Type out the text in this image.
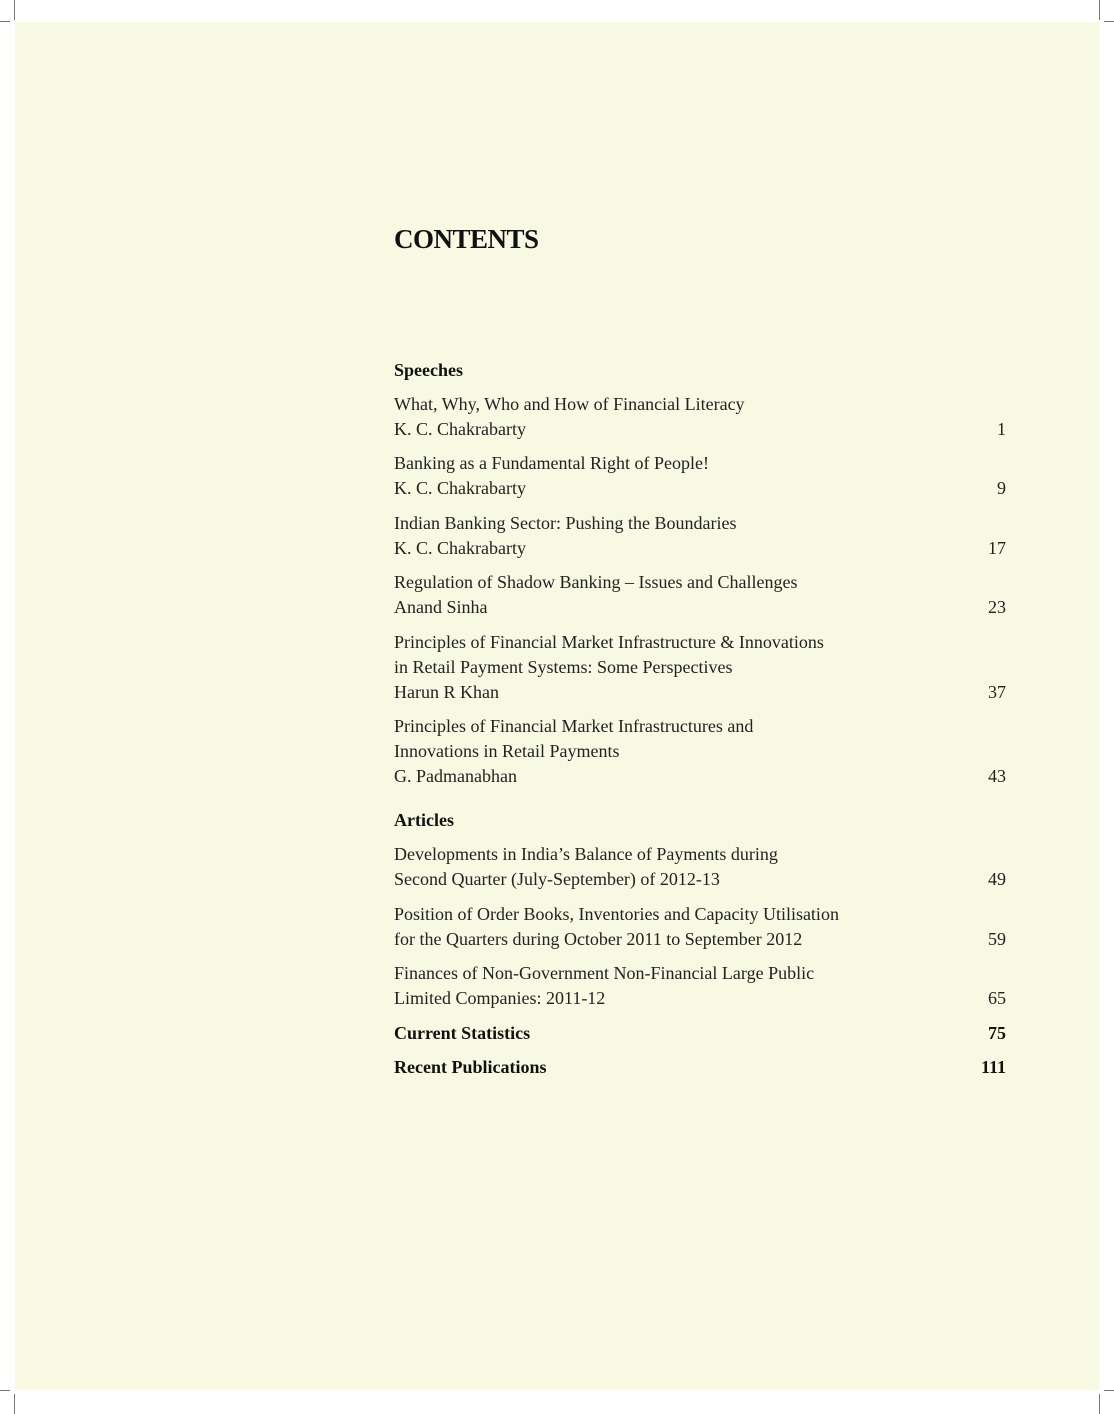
CONTENTS
Speeches
What, Why, Who and How of Financial Literacy
K. C. Chakrabarty	1
Banking as a Fundamental Right of People!
K. C. Chakrabarty	9
Indian Banking Sector: Pushing the Boundaries
K. C. Chakrabarty	17
Regulation of Shadow Banking – Issues and Challenges
Anand Sinha	23
Principles of Financial Market Infrastructure & Innovations
in Retail Payment Systems: Some Perspectives
Harun R Khan	37
Principles of Financial Market Infrastructures and
Innovations in Retail Payments
G. Padmanabhan	43
Articles
Developments in India’s Balance of Payments during
Second Quarter (July-September) of 2012-13	49
Position of Order Books, Inventories and Capacity Utilisation
for the Quarters during October 2011 to September 2012	59
Finances of Non-Government Non-Financial Large Public
Limited Companies: 2011-12	65
Current Statistics	75
Recent Publications	111
